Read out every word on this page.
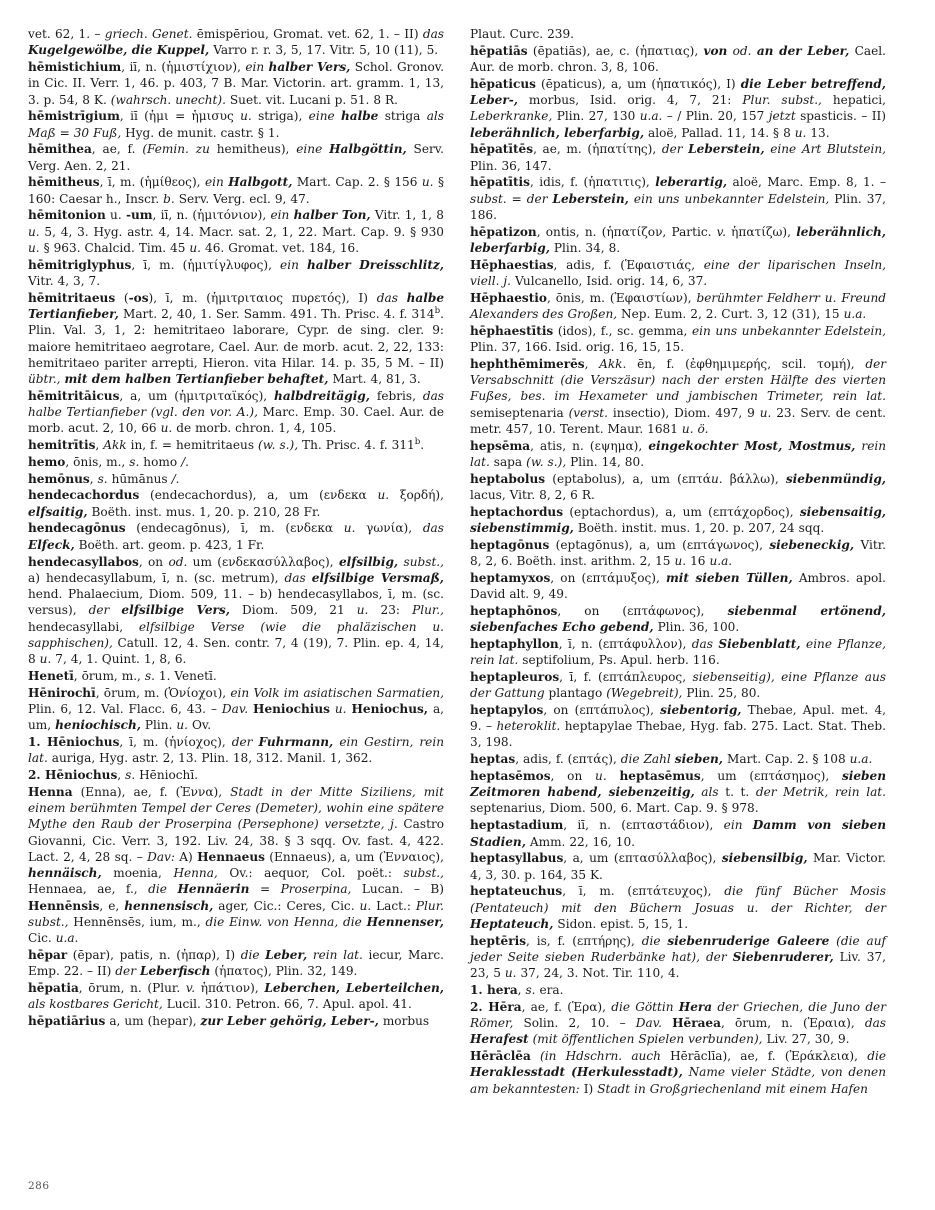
vet. 62, 1. – griech. Genet. ēmispēriou, Gromat. vet. 62, 1. – II) das Kugelgewölbe, die Kuppel, Varro r. r. 3, 5, 17. Vitr. 5, 10 (11), 5.

hēmistichium, iī, n. (ἡμιστίχιον), ein halber Vers, Schol. Gronov. in Cic. II. Verr. 1, 46. p. 403, 7 B. Mar. Victorin. art. gramm. 1, 13, 3. p. 54, 8 K. (wahrsch. unecht). Suet. vit. Lucani p. 51. 8 R.

hēmistrīgium, iī (ἡμι = ἡμισυς u. striga), eine halbe striga als Maß = 30 Fuß, Hyg. de munit. castr. § 1.

hēmithea, ae, f. (Femin. zu hemitheus), eine Halbgöttin, Serv. Verg. Aen. 2, 21.

hēmitheus, ī, m. (ἡμίθεος), ein Halbgott, Mart. Cap. 2. § 156 u. § 160: Caesar h., Inscr. b. Serv. Verg. ecl. 9, 47.

hēmitonion u. -um, iī, n. (ἡμιτόνιον), ein halber Ton, Vitr. 1, 1, 8 u. 5, 4, 3. Hyg. astr. 4, 14. Macr. sat. 2, 1, 22. Mart. Cap. 9. § 930 u. § 963. Chalcid. Tim. 45 u. 46. Gromat. vet. 184, 16.

hēmitriglyphus, ī, m. (ἡμιτίγλυφος), ein halber Dreisschlitz, Vitr. 4, 3, 7.

hēmitritaeus (-os), ī, m. (ἡμιτριταιος πυρετός), I) das halbe Tertianfieber, Mart. 2, 40, 1. Ser. Samm. 491. Th. Prisc. 4. f. 314$^b$. Plin. Val. 3, 1, 2: hemitritaeo laborare, Cypr. de sing. cler. 9: maiore hemitritaeo aegrotare, Cael. Aur. de morb. acut. 2, 22, 133: hemitritaeo pariter arrepti, Hieron. vita Hilar. 14. p. 35, 5 M. – II) übtr., mit dem halben Tertianfieber behaftet, Mart. 4, 81, 3.

hēmitritāicus, a, um (ἡμιτριταϊκός), halbdreitägig, febris, das halbe Tertianfieber (vgl. den vor. A.), Marc. Emp. 30. Cael. Aur. de morb. acut. 2, 10, 66 u. de morb. chron. 1, 4, 105.

hemitrītis, Akk in, f. = hemitritaeus (w. s.), Th. Prisc. 4. f. 311$^b$.

hemo, ōnis, m., s. homo /.

hemōnus, s. hūmānus /.

hendecachordus (endecachordus), a, um (ενδεκα u. ξορδή), elfsaitig, Boëth. inst. mus. 1, 20. p. 210, 28 Fr.

hendecagōnus (endecagōnus), ī, m. (ενδεκα u. γωνία), das Elfeck, Boëth. art. geom. p. 423, 1 Fr.

hendecasyllabos, on od. um (ενδεκασύλλαβος), elfsilbig, subst., a) hendecasyllabum, ī, n. (sc. metrum), das elfsilbige Versmaß, hend. Phalaecium, Diom. 509, 11. – b) hendecasyllabos, ī, m. (sc. versus), der elfsilbige Vers, Diom. 509, 21 u. 23: Plur., hendecasyllabi, elfsilbige Verse (wie die phaläzischen u. sapphischen), Catull. 12, 4. Sen. contr. 7, 4 (19), 7. Plin. ep. 4, 14, 8 u. 7, 4, 1. Quint. 1, 8, 6.

Henetī, ōrum, m., s. 1. Venetī.

Hēnirochī, ōrum, m. (Ὁνίοχοι), ein Volk im asiatischen Sarmatien, Plin. 6, 12. Val. Flacc. 6, 43. – Dav. Heniochius u. Heniochus, a, um, heniochisch, Plin. u. Ov.

1. Hēniochus, ī, m. (ἡνίοχος), der Fuhrmann, ein Gestirn, rein lat. auriga, Hyg. astr. 2, 13. Plin. 18, 312. Manil. 1, 362.

2. Hēniochus, s. Hēniochī.

Henna (Enna), ae, f. (Ἐννα), Stadt in der Mitte Siziliens, mit einem berühmten Tempel der Ceres (Demeter), wohin eine spätere Mythe den Raub der Proserpina (Persephone) versetzte, j. Castro Giovanni, Cic. Verr. 3, 192. Liv. 24, 38. § 3 sqq. Ov. fast. 4, 422. Lact. 2, 4, 28 sq. – Dav: A) Hennaeus (Ennaeus), a, um (Ἐνναιος), hennäisch, moenia, Henna, Ov.: aequor, Col. poët.: subst., Hennaea, ae, f., die Hennäerin = Proserpina, Lucan. – B) Hennēnsis, e, hennensisch, ager, Cic.: Ceres, Cic. u. Lact.: Plur. subst., Hennēnsēs, ium, m., die Einw. von Henna, die Hennenser, Cic. u.a.

hēpar (ēpar), patis, n. (ἠπαρ), I) die Leber, rein lat. iecur, Marc. Emp. 22. – II) der Leberfisch (ἡπατος), Plin. 32, 149.

hēpatia, ōrum, n. (Plur. v. ἡπάτιον), Leberchen, Leberteilchen, als kostbares Gericht, Lucil. 310. Petron. 66, 7. Apul. apol. 41.

hēpatiārius a, um (hepar), zur Leber gehörig, Leber-, morbus

Plaut. Curc. 239.

hēpatiās (ēpatiās), ae, c. (ἡπατιας), von od. an der Leber, Cael. Aur. de morb. chron. 3, 8, 106.

hēpaticus (ēpaticus), a, um (ἡπατικός), I) die Leber betreffend, Leber-, morbus, Isid. orig. 4, 7, 21: Plur. subst., hepatici, Leberkranke, Plin. 27, 130 u.a. – / Plin. 20, 157 jetzt spasticis. – II) leberähnlich, leberfarbig, aloë, Pallad. 11, 14. § 8 u. 13.

hēpatītēs, ae, m. (ἡπατίτης), der Leberstein, eine Art Blutstein, Plin. 36, 147.

hēpatītis, idis, f. (ἡπατιτις), leberartig, aloë, Marc. Emp. 8, 1. – subst. = der Leberstein, ein uns unbekannter Edelstein, Plin. 37, 186.

hēpatizon, ontis, n. (ἡπατίζον, Partic. v. ἡπατίζω), leberähnlich, leberfarbig, Plin. 34, 8.

Hēphaestias, adis, f. (Ἑφαιστιάς, eine der liparischen Inseln, viell. j. Vulcanello, Isid. orig. 14, 6, 37.

Hēphaestio, ōnis, m. (Ἑφαιστίων), berühmter Feldherr u. Freund Alexanders des Großen, Nep. Eum. 2, 2. Curt. 3, 12 (31), 15 u.a.

hēphaestītis (idos), f., sc. gemma, ein uns unbekannter Edelstein, Plin. 37, 166. Isid. orig. 16, 15, 15.

hephthēmimerēs, Akk. ēn, f. (ἐφθημιμερής, scil. τομή), der Versabschnitt (die Verszäsur) nach der ersten Hälfte des vierten Fußes, bes. im Hexameter und jambischen Trimeter, rein lat. semiseptenaria (verst. insectio), Diom. 497, 9 u. 23. Serv. de cent. metr. 457, 10. Terent. Maur. 1681 u. ö.

hepsēma, atis, n. (εψημα), eingekochter Most, Mostmus, rein lat. sapa (w. s.), Plin. 14, 80.

heptabolus (eptabolus), a, um (επτάu. βάλλω), siebenmündig, lacus, Vitr. 8, 2, 6 R.

heptachordus (eptachordus), a, um (επτάχορδος), siebensaitig, siebenstimmig, Boëth. instit. mus. 1, 20. p. 207, 24 sqq.

heptagōnus (eptagōnus), a, um (επτάγωνος), siebeneckig, Vitr. 8, 2, 6. Boëth. inst. arithm. 2, 15 u. 16 u.a.

heptamyxos, on (επτάμυξος), mit sieben Tüllen, Ambros. apol. David alt. 9, 49.

heptaphōnos, on (επτάφωνος), siebenmal ertönend, siebenfaches Echo gebend, Plin. 36, 100.

heptaphyllon, ī, n. (επτάφυλλον), das Siebenblatt, eine Pflanze, rein lat. septifolium, Ps. Apul. herb. 116.

heptapleuros, ī, f. (επτάπλευρος, siebenseitig), eine Pflanze aus der Gattung plantago (Wegebreit), Plin. 25, 80.

heptapylos, on (επτάπυλος), siebentorig, Thebae, Apul. met. 4, 9. – heteroklit. heptapylae Thebae, Hyg. fab. 275. Lact. Stat. Theb. 3, 198.

heptas, adis, f. (επτάς), die Zahl sieben, Mart. Cap. 2. § 108 u.a.

heptasēmos, on u. heptasēmus, um (επτάσημος), sieben Zeitmoren habend, siebenzeitig, als t. t. der Metrik, rein lat. septenarius, Diom. 500, 6. Mart. Cap. 9. § 978.

heptastadium, iī, n. (επταστάδιον), ein Damm von sieben Stadien, Amm. 22, 16, 10.

heptasyllabus, a, um (επτασύλλαβος), siebensilbig, Mar. Victor. 4, 3, 30. p. 164, 35 K.

heptateuchus, ī, m. (επτάτευχος), die fünf Bücher Mosis (Pentateuch) mit den Büchern Josuas u. der Richter, der Heptateuch, Sidon. epist. 5, 15, 1.

heptēris, is, f. (επτήρης), die siebenruderige Galeere (die auf jeder Seite sieben Ruderbänke hat), der Siebenruderer, Liv. 37, 23, 5 u. 37, 24, 3. Not. Tir. 110, 4.

1. hera, s. era.

2. Hēra, ae, f. (Ἑρα), die Göttin Hera der Griechen, die Juno der Römer, Solin. 2, 10. – Dav. Hēraea, ōrum, n. (Ἑραια), das Herafest (mit öffentlichen Spielen verbunden), Liv. 27, 30, 9.

Hērāclēa (in Hdschrn. auch Hērāclīa), ae, f. (Ἑράκλεια), die Heraklesstadt (Herkulesstadt), Name vieler Städte, von denen am bekanntesten: I) Stadt in Großgriechenland mit einem Hafen

286
